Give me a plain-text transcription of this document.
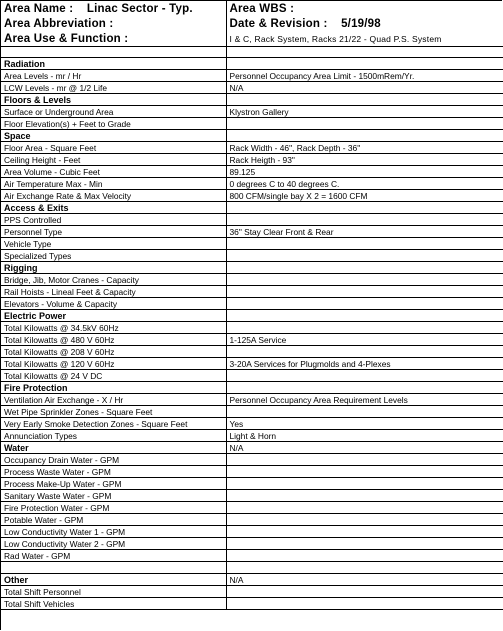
Area Name : Linac Sector - Typ.	Area WBS :
Area Abbreviation :	Date & Revision : 5/19/98
Area Use & Function :	I & C, Rack System, Racks 21/22 - Quad P.S. System

Radiation	
Area Levels - mr / Hr	Personnel Occupancy Area Limit - 1500mRem/Yr.
LCW Levels - mr @ 1/2 Life	N/A
Floors & Levels	
Surface or Underground Area	Klystron Gallery
Floor Elevation(s) + Feet to Grade	
Space	
Floor Area - Square Feet	Rack Width - 46", Rack Depth - 36"
Ceiling Height - Feet	Rack Heigth - 93"
Area Volume - Cubic Feet	89.125
Air Temperature Max - Min	0 degrees C to 40 degrees C.
Air Exchange Rate & Max Velocity	800 CFM/single bay X 2 = 1600 CFM
Access & Exits	
PPS Controlled	
Personnel Type	36" Stay Clear Front & Rear
Vehicle Type	
Specialized Types	
Rigging	
Bridge, Jib, Motor Cranes - Capacity	
Rail Hoists - Lineal Feet & Capacity	
Elevators - Volume & Capacity	
Electric Power	
Total Kilowatts @ 34.5kV 60Hz	
Total Kilowatts @ 480 V 60Hz	1-125A Service
Total Kilowatts @ 208 V 60Hz	
Total Kilowatts @ 120 V 60Hz	3-20A Services for Plugmolds and 4-Plexes
Total Kilowatts @ 24 V DC	
Fire Protection	
Ventilation Air Exchange - X / Hr	Personnel Occupancy Area Requirement Levels
Wet Pipe Sprinkler Zones - Square Feet	
Very Early Smoke Detection Zones - Square Feet	Yes
Annunciation Types	Light & Horn
Water	N/A
Occupancy Drain Water - GPM	
Process Waste Water - GPM	
Process Make-Up Water - GPM	
Sanitary Waste Water - GPM	
Fire Protection Water - GPM	
Potable Water - GPM	
Low Conductivity Water 1 - GPM	
Low Conductivity Water 2 - GPM	
Rad Water - GPM	

Other	N/A
Total Shift Personnel	
Total Shift Vehicles	
